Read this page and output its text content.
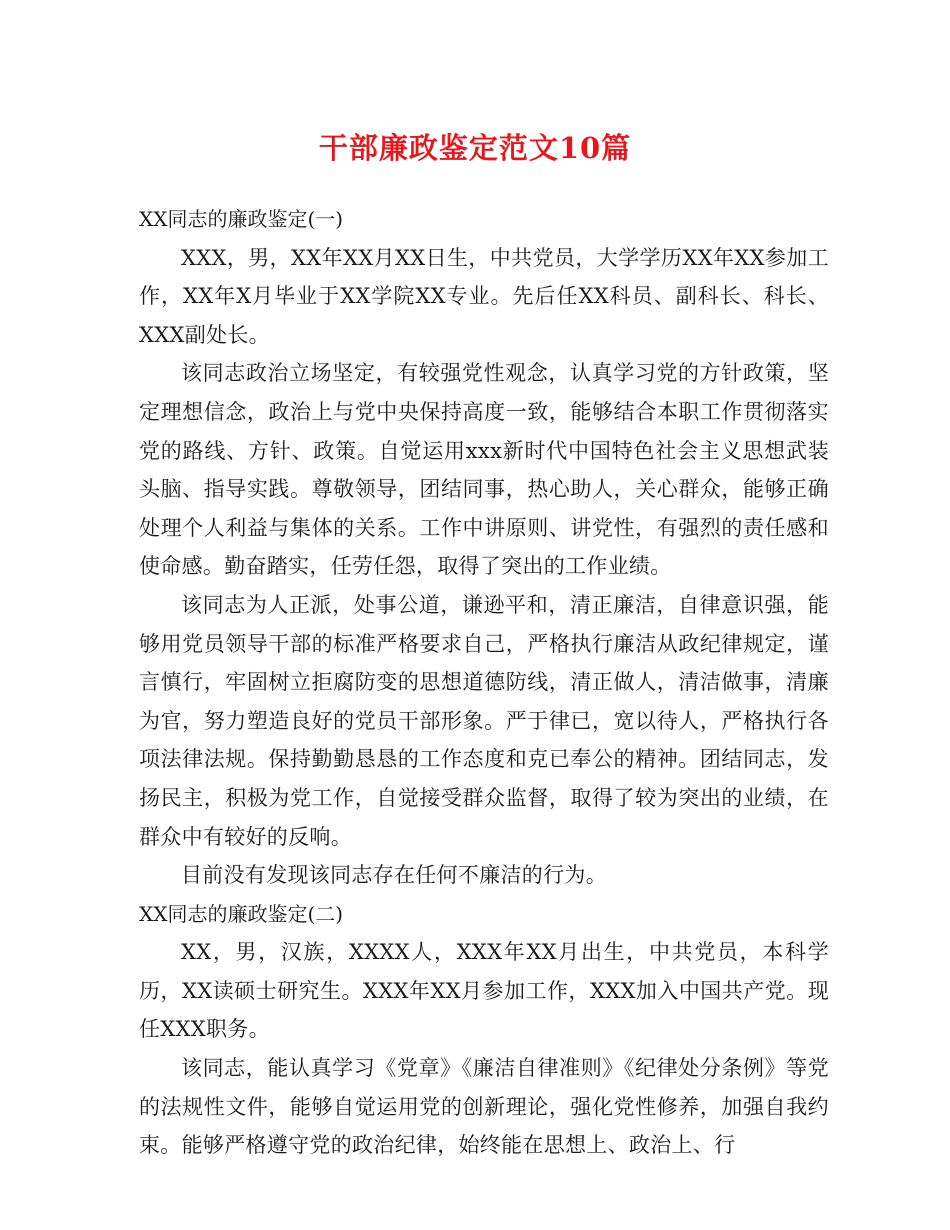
干部廉政鉴定范文10篇
XX同志的廉政鉴定(一)

XXX，男，XX年XX月XX日生，中共党员，大学学历XX年XX参加工作，XX年X月毕业于XX学院XX专业。先后任XX科员、副科长、科长、XXX副处长。

该同志政治立场坚定，有较强党性观念，认真学习党的方针政策，坚定理想信念，政治上与党中央保持高度一致，能够结合本职工作贯彻落实党的路线、方针、政策。自觉运用xxx新时代中国特色社会主义思想武装头脑、指导实践。尊敬领导，团结同事，热心助人，关心群众，能够正确处理个人利益与集体的关系。工作中讲原则、讲党性，有强烈的责任感和使命感。勤奋踏实，任劳任怨，取得了突出的工作业绩。

该同志为人正派，处事公道，谦逊平和，清正廉洁，自律意识强，能够用党员领导干部的标准严格要求自己，严格执行廉洁从政纪律规定，谨言慎行，牢固树立拒腐防变的思想道德防线，清正做人，清洁做事，清廉为官，努力塑造良好的党员干部形象。严于律已，宽以待人，严格执行各项法律法规。保持勤勤恳恳的工作态度和克已奉公的精神。团结同志，发扬民主，积极为党工作，自觉接受群众监督，取得了较为突出的业绩，在群众中有较好的反响。

目前没有发现该同志存在任何不廉洁的行为。

XX同志的廉政鉴定(二)

XX，男，汉族，XXXX人，XXX年XX月出生，中共党员，本科学历，XX读硕士研究生。XXX年XX月参加工作，XXX加入中国共产党。现任XXX职务。

该同志，能认真学习《党章》《廉洁自律准则》《纪律处分条例》等党的法规性文件，能够自觉运用党的创新理论，强化党性修养，加强自我约束。能够严格遵守党的政治纪律，始终能在思想上、政治上、行
